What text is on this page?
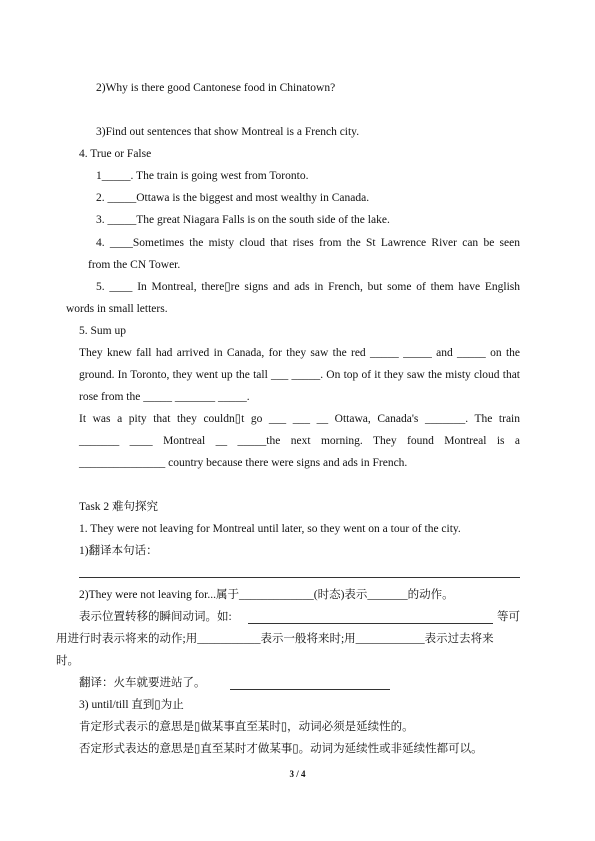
2)Why is there good Cantonese food in Chinatown?
3)Find out sentences that show Montreal is a French city.
4. True or False
1_____. The train is going west from Toronto.
2. _____Ottawa is the biggest and most wealthy in Canada.
3. _____The great Niagara Falls is on the south side of the lake.
4. ____Sometimes the misty cloud that rises from the St Lawrence River can be seen
from the CN Tower.
5. ____ In Montreal, there▯re signs and ads in French, but some of them have English
words in small letters.
5. Sum up
They knew fall had arrived in Canada, for they saw the red _____ _____ and _____ on the
ground. In Toronto, they went up the tall ___ _____. On top of it they saw the misty cloud that
rose from the _____ _______ _____.
It was a pity that they couldn▯t go ___ ___ __ Ottawa, Canada's _______. The train
_______ ____ Montreal __ _____the next morning. They found Montreal is a
_______________ country because there were signs and ads in French.
Task 2 难句探究
1. They were not leaving for Montreal until later, so they went on a tour of the city.
1)翻译本句话：
2)They were not leaving for...属于_____________(时态)表示_______的动作。
表示位置转移的瞬间动词。如:	等可
用进行时表示将来的动作;用___________表示一般将来时;用____________表示过去将来
时。
翻译：火车就要进站了。
3) until/till 直到▯为止
肯定形式表示的意思是▯做某事直至某时▯，动词必须是延续性的。
否定形式表达的意思是▯直至某时才做某事▯。动词为延续性或非延续性都可以。
3 / 4
